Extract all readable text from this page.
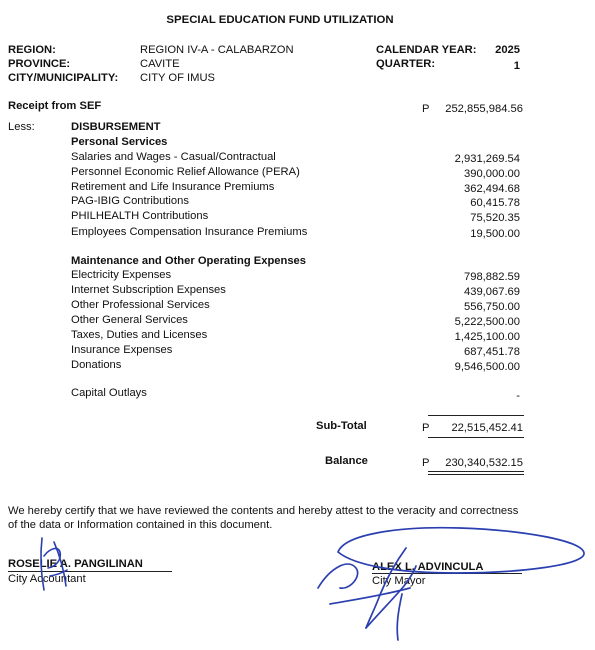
SPECIAL EDUCATION FUND UTILIZATION
REGION:	REGION IV-A - CALABARZON
PROVINCE:	CAVITE
CITY/MUNICIPALITY: CITY OF IMUS
CALENDAR YEAR:	2025
QUARTER:	1
Receipt from SEF	P	252,855,984.56
Less:	DISBURSEMENT
Personal Services
Salaries and Wages - Casual/Contractual	2,931,269.54
Personnel Economic Relief Allowance (PERA)	390,000.00
Retirement and Life Insurance Premiums	362,494.68
PAG-IBIG Contributions	60,415.78
PHILHEALTH Contributions	75,520.35
Employees Compensation Insurance Premiums	19,500.00
Maintenance and Other Operating Expenses
Electricity Expenses	798,882.59
Internet Subscription Expenses	439,067.69
Other Professional Services	556,750.00
Other General Services	5,222,500.00
Taxes, Duties and Licenses	1,425,100.00
Insurance Expenses	687,451.78
Donations	9,546,500.00
Capital Outlays	-
Sub-Total	P	22,515,452.41
Balance	P	230,340,532.15
We hereby certify that we have reviewed the contents and hereby attest to the veracity and correctness
of the data or Information contained in this document.
ROSELIE A. PANGILINAN
City Accountant
ALEX L. ADVINCULA
City Mayor
